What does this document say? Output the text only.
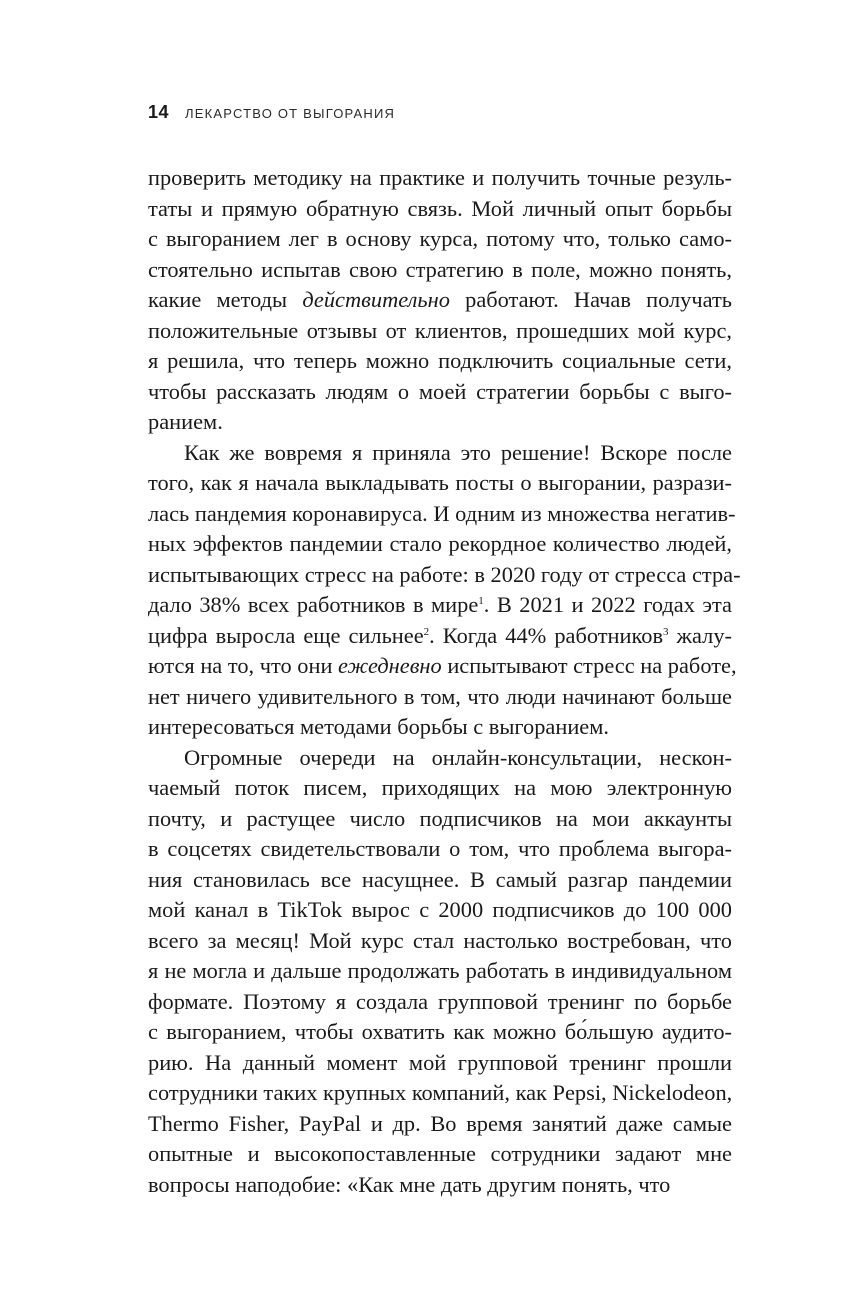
14 ЛЕКАРСТВО ОТ ВЫГОРАНИЯ
проверить методику на практике и получить точные резуль-
таты и прямую обратную связь. Мой личный опыт борьбы
с выгоранием лег в основу курса, потому что, только само-
стоятельно испытав свою стратегию в поле, можно понять,
какие методы действительно работают. Начав получать
положительные отзывы от клиентов, прошедших мой курс,
я решила, что теперь можно подключить социальные сети,
чтобы рассказать людям о моей стратегии борьбы с выго-
ранием.
Как же вовремя я приняла это решение! Вскоре после
того, как я начала выкладывать посты о выгорании, разрази-
лась пандемия коронавируса. И одним из множества негатив-
ных эффектов пандемии стало рекордное количество людей,
испытывающих стресс на работе: в 2020 году от стресса стра-
дало 38% всех работников в мире$^1$. В 2021 и 2022 годах эта
цифра выросла еще сильнее$^2$. Когда 44% работников$^3$ жалу-
ются на то, что они ежедневно испытывают стресс на работе,
нет ничего удивительного в том, что люди начинают больше
интересоваться методами борьбы с выгоранием.
Огромные очереди на онлайн-консультации, нескон-
чаемый поток писем, приходящих на мою электронную
почту, и растущее число подписчиков на мои аккаунты
в соцсетях свидетельствовали о том, что проблема выгора-
ния становилась все насущнее. В самый разгар пандемии
мой канал в TikTok вырос с 2000 подписчиков до 100 000
всего за месяц! Мой курс стал настолько востребован, что
я не могла и дальше продолжать работать в индивидуальном
формате. Поэтому я создала групповой тренинг по борьбе
с выгоранием, чтобы охватить как можно бо́льшую аудито-
рию. На данный момент мой групповой тренинг прошли
сотрудники таких крупных компаний, как Pepsi, Nickelodeon,
Thermo Fisher, PayPal и др. Во время занятий даже самые
опытные и высокопоставленные сотрудники задают мне
вопросы наподобие: «Как мне дать другим понять, что
